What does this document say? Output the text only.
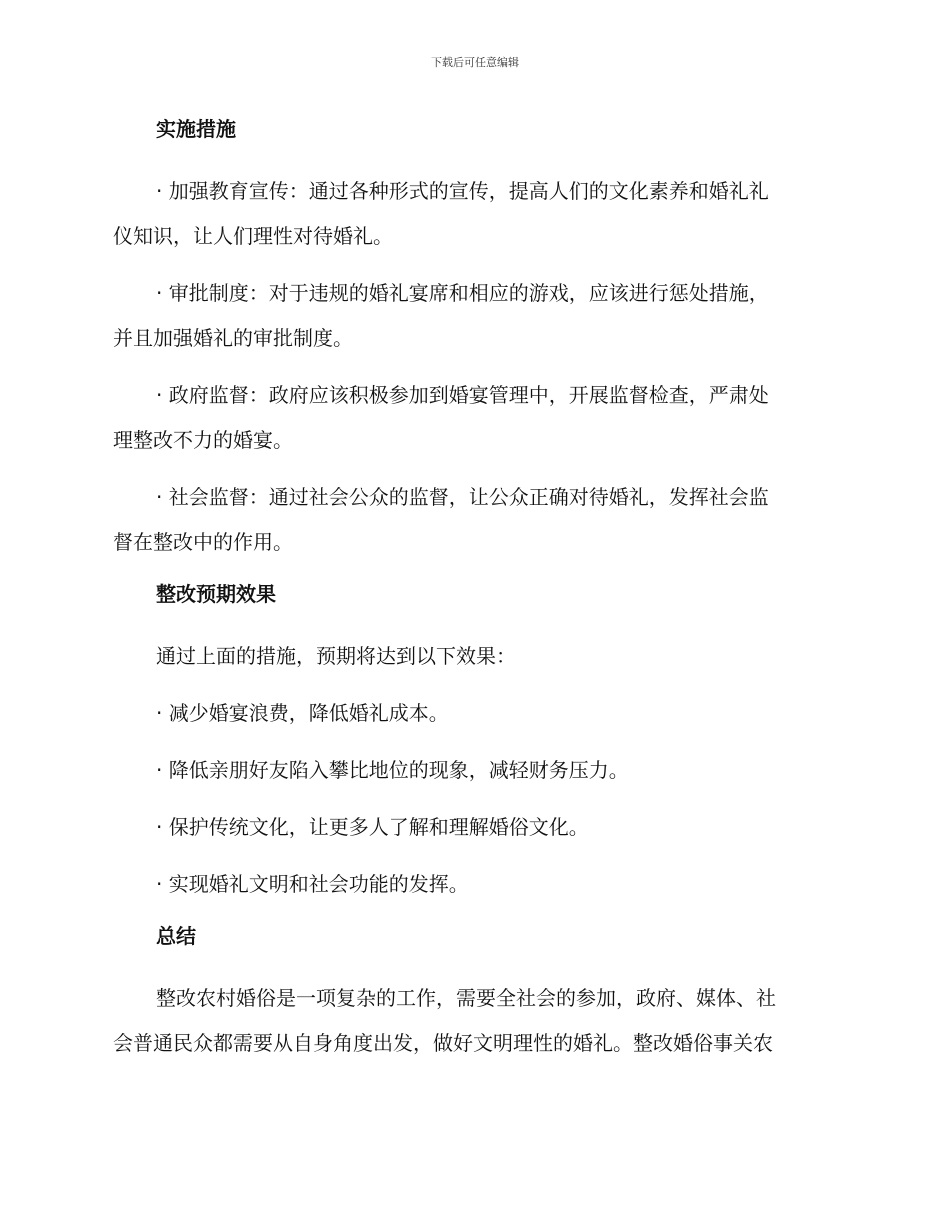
下载后可任意编辑
实施措施
· 加强教育宣传：通过各种形式的宣传，提高人们的文化素养和婚礼礼
仪知识，让人们理性对待婚礼。
· 审批制度：对于违规的婚礼宴席和相应的游戏，应该进行惩处措施，
并且加强婚礼的审批制度。
· 政府监督：政府应该积极参加到婚宴管理中，开展监督检查，严肃处
理整改不力的婚宴。
· 社会监督：通过社会公众的监督，让公众正确对待婚礼，发挥社会监
督在整改中的作用。
整改预期效果
通过上面的措施，预期将达到以下效果：
· 减少婚宴浪费，降低婚礼成本。
· 降低亲朋好友陷入攀比地位的现象，减轻财务压力。
· 保护传统文化，让更多人了解和理解婚俗文化。
· 实现婚礼文明和社会功能的发挥。
总结
整改农村婚俗是一项复杂的工作，需要全社会的参加，政府、媒体、社
会普通民众都需要从自身角度出发，做好文明理性的婚礼。整改婚俗事关农
